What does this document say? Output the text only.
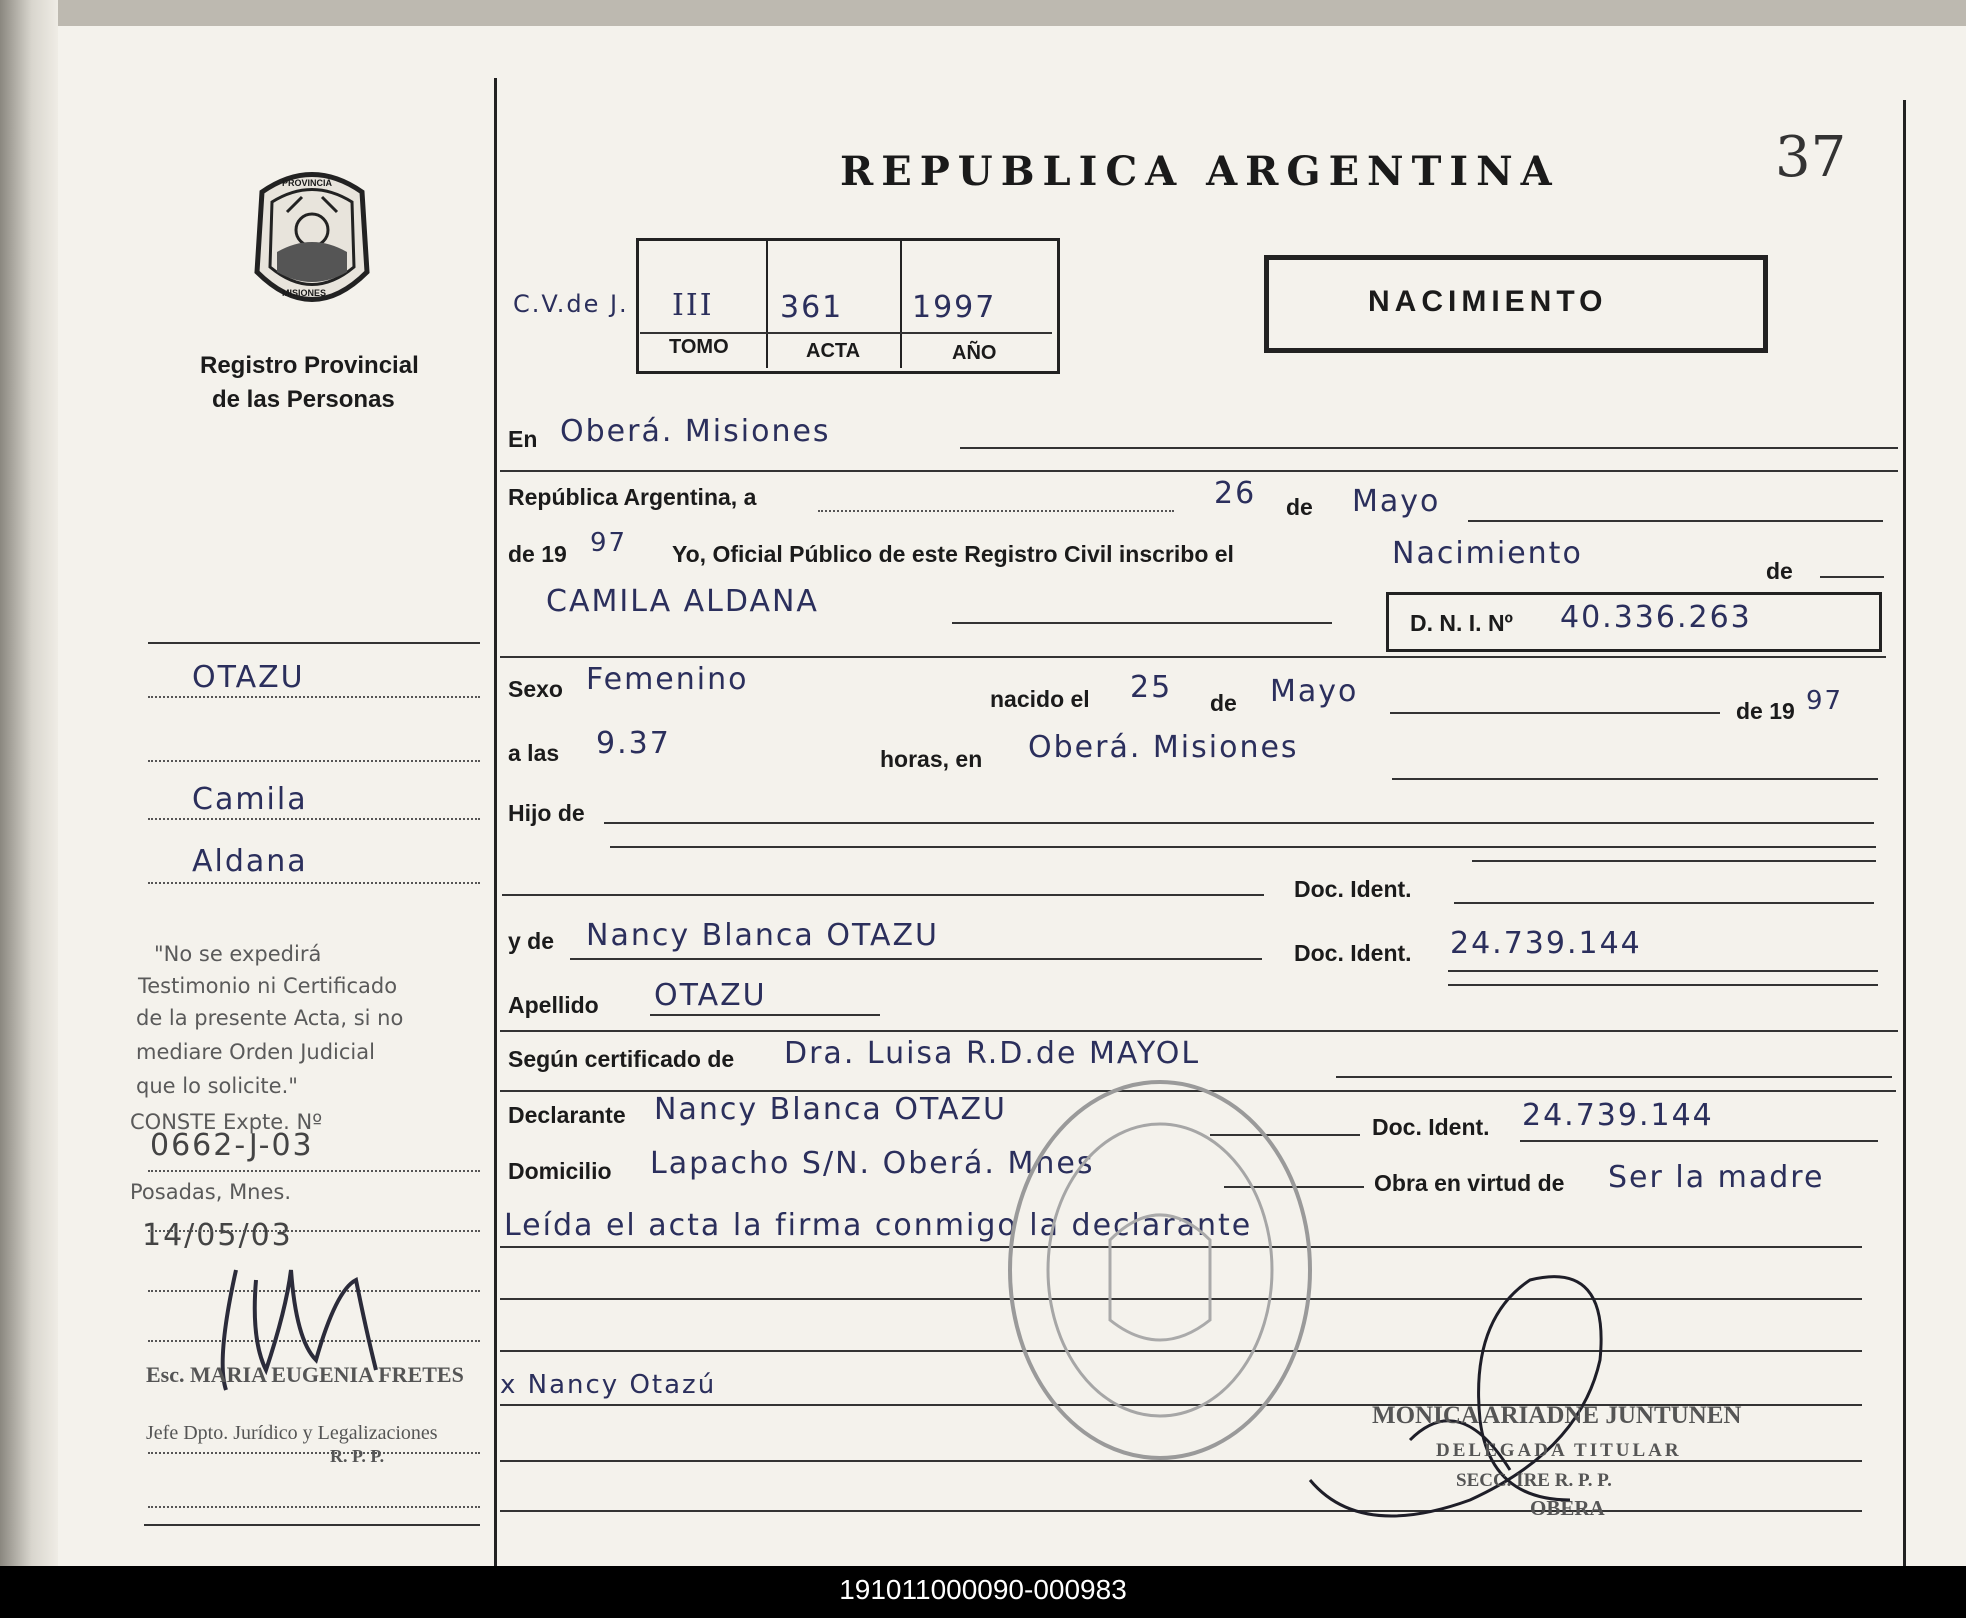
PROVINCIA
MISIONES
Registro Provincial
de las Personas
REPUBLICA ARGENTINA	37
C.V.de J. III 361 1997
TOMO	ACTA	AÑO
NACIMIENTO
En Oberá. Misiones
República Argentina, a	26 de Mayo
de 19 97 Yo, Oficial Público de este Registro Civil inscribo el	Nacimiento	de
CAMILA ALDANA
D. N. I. Nº 40.336.263
Sexo Femenino
nacido el 25 de Mayo
de 19 97
a las 9.37	horas, en Oberá. Misiones
Hijo de
Doc. Ident.
y de Nancy Blanca OTAZU	Doc. Ident. 24.739.144
Apellido OTAZU
Según certificado de Dra. Luisa R.D.de MAYOL
Declarante Nancy Blanca OTAZU	Doc. Ident. 24.739.144
Domicilio Lapacho S/N. Oberá. Mnes
Obra en virtud de Ser la madre
Leída el acta la firma conmigo la declarante
x Nancy Otazú
OTAZU
Camila
Aldana
"No se expedirá
Testimonio ni Certificado
de la presente Acta, si no
mediare Orden Judicial
que lo solicite."
CONSTE Expte. Nº
0662-J-03
Posadas, Mnes.
14/05/03
Esc. MARIA EUGENIA FRETES
Jefe Dpto. Jurídico y Legalizaciones
R. P. P.
MONICA ARIADNE JUNTUNEN
DELEGADA TITULAR
SECC. IRE R. P. P.
OBERA
191011000090-000983
